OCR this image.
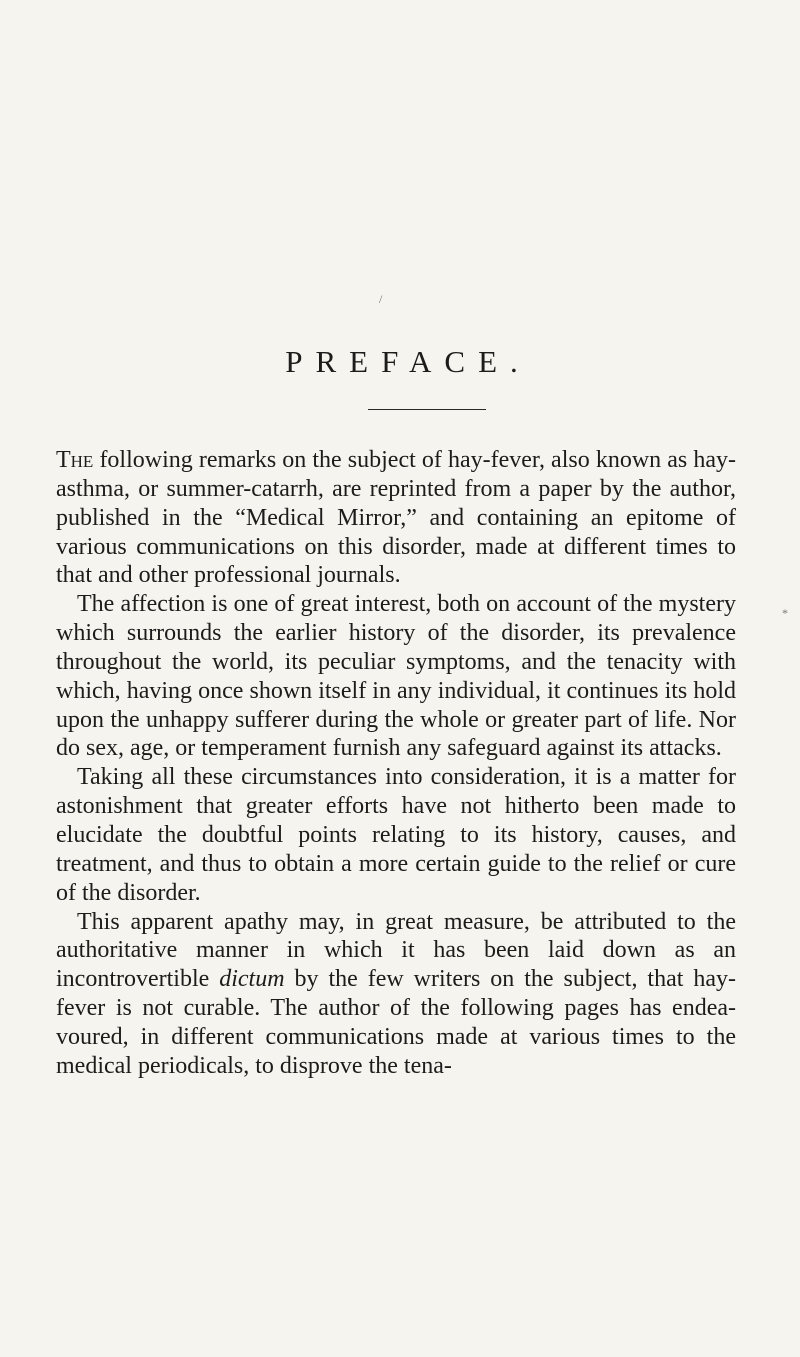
/
PREFACE.

The following remarks on the subject of hay-fever, also known as hay-asthma, or summer-catarrh, are reprinted from a paper by the author, published in the “Medical Mirror,” and containing an epitome of various communications on this disorder, made at different times to that and other professional journals.

The affection is one of great interest, both on account of the mystery which surrounds the earlier history of the disorder, its prevalence throughout the world, its peculiar symptoms, and the tenacity with which, having once shown itself in any individual, it continues its hold upon the unhappy sufferer during the whole or greater part of life. Nor do sex, age, or temperament furnish any safeguard against its attacks.

Taking all these circumstances into consideration, it is a matter for astonishment that greater efforts have not hitherto been made to elucidate the doubtful points relating to its history, causes, and treatment, and thus to obtain a more certain guide to the relief or cure of the disorder.

This apparent apathy may, in great measure, be attributed to the authoritative manner in which it has been laid down as an incontrovertible dictum by the few writers on the subject, that hay-fever is not curable. The author of the following pages has endea- voured, in different communications made at various times to the medical periodicals, to disprove the tena-

*
